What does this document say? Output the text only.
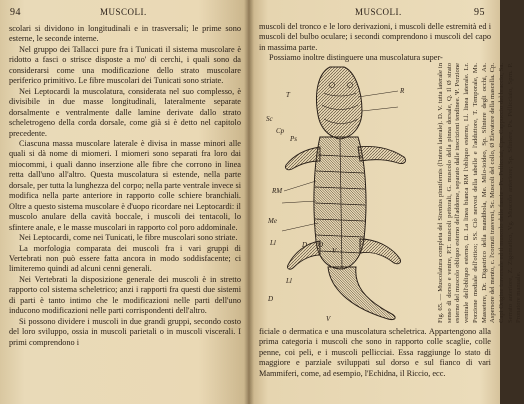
94	MUSCOLI.

scolari si dividono in longitudinali e in trasversali; le prime sono esterne, le seconde interne.

Nel gruppo dei Tallacci pure fra i Tunicati il sistema muscolare è ridotto a fasci o strisce disposte a mo' di cerchi, i quali sono da considerarsi come una modificazione dello strato muscolare periferico primitivo. Le fibre muscolari dei Tunicati sono striate.

Nei Leptocardi la muscolatura, considerata nel suo complesso, è divisibile in due masse longitudinali, lateralmente separate dorsalmente e ventralmente dalle lamine derivate dallo strato scheletrogeno della corda dorsale, come già si è detto nel capitolo precedente.

Ciascuna massa muscolare laterale è divisa in masse minori alle quali si dà nome di miomeri. I miomeri sono separati fra loro dai miocommi, i quali danno inserzione alle fibre che corrono in linea retta dall'uno all'altro. Questa muscolatura si estende, nella parte dorsale, per tutta la lunghezza del corpo; nella parte ventrale invece si modifica nella parte anteriore in rapporto colle schiere branchiali. Oltre a questo sistema muscolare è d'uopo ricordare nei Leptocardi: il muscolo anulare della cavità boccale, i muscoli dei tentacoli, lo sfintere anale, e le masse muscolari in rapporto col poro addominale.

Nei Leptocardi, come nei Tunicati, le fibre muscolari sono striate.

La morfologia comparata dei muscoli fra i vari gruppi di Vertebrati non può essere fatta ancora in modo soddisfacente; ci limiteremo quindi ad alcuni cenni generali.

Nei Vertebrati la disposizione generale dei muscoli è in stretto rapporto col sistema scheletrico; anzi i rapporti fra questi due sistemi di parti è tanto intimo che le modificazioni nelle parti dell'uno inducono modificazioni nelle parti corrispondenti dell'altro.

Si possono dividere i muscoli in due grandi gruppi, secondo costo del loro sviluppo, ossia in muscoli parietali o in muscoli viscerali. I primi comprendono i

MUSCOLI.	95

muscoli del tronco e le loro derivazioni, i muscoli delle estremità ed i muscoli del bulbo oculare; i secondi comprendono i muscoli del capo in massima parte.

Possiamo inoltre distinguere una muscolatura super-

T
Sc
Cp
Ps
R
RM
Me
Ll	D O
V
Ll
D
V	Fig. 65. — Muscolatura completa del Sirenius pinnifernis (l'intera laterale). D. V. tutta laterale in senso di dorso e ventre, P.T. muscoli pettorali, G. muscolo della pinna dorsale, Q. Il Ø strato esterno del muscolo obliquo esterno dell'addome, separato dalle inscrizioni tendinee. Ψ. Porzione ventrale dell'obliquo esterno, Ω. La linea bianca RM l'obliquo esterno, Ll. linea laterale. Lr. Porzione mediale dell'ottico; SS. Ciò nervosi della tabelle e l'adduttore, T. Temporale, Ms. Massetere, Dr. Digastrico della mandibola, Me. Milo-ioideo, Sp. Sfintere degli occhi, As. Aspersore del mento, c. l'cornuti trasversi, Sc. Muscoli del collo, Ø Elevatore della mascella. Cp. Capi Origine traversale ed il muscolo delle fascie - Pc. Pellicciai, Cps. Cappuccio del braccio, Sa. Serrato anteriore, Z. Zigomatico, Vg. Muscolo anteriore; Sp. Sfintere, Ps. Pellicciaio, Sprn. P. Pronatore manuale.

ficiale o dermatica e una muscolatura scheletrica. Appartengono alla prima categoria i muscoli che sono in rapporto colle scaglie, colle penne, coi peli, e i muscoli pellicciai. Essa raggiunge lo stato di maggiore e parziale sviluppati sul dorso e sul fianco di vari Mammiferi, come, ad esempio, l'Echidna, il Riccio, ecc.
